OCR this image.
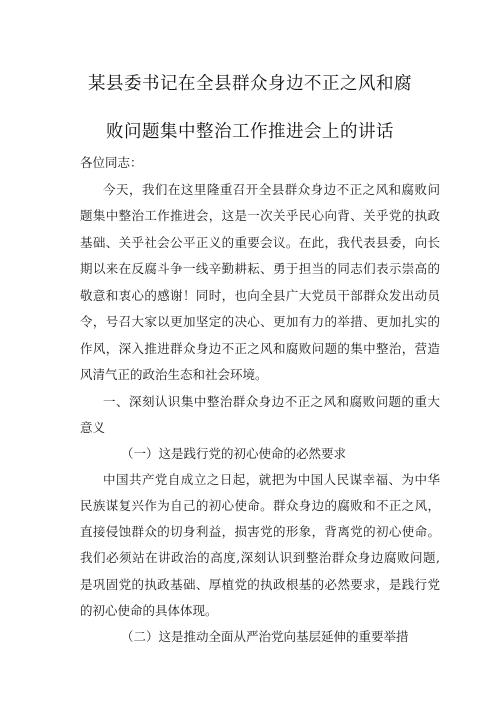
某县委书记在全县群众身边不正之风和腐
败问题集中整治工作推进会上的讲话

各位同志：

今天，我们在这里隆重召开全县群众身边不正之风和腐败问

题集中整治工作推进会，这是一次关乎民心向背、关乎党的执政

基础、关乎社会公平正义的重要会议。在此，我代表县委，向长

期以来在反腐斗争一线辛勤耕耘、勇于担当的同志们表示崇高的

敬意和衷心的感谢！同时，也向全县广大党员干部群众发出动员

令，号召大家以更加坚定的决心、更加有力的举措、更加扎实的

作风，深入推进群众身边不正之风和腐败问题的集中整治，营造

风清气正的政治生态和社会环境。

一、深刻认识集中整治群众身边不正之风和腐败问题的重大

意义

（一）这是践行党的初心使命的必然要求

中国共产党自成立之日起，就把为中国人民谋幸福、为中华

民族谋复兴作为自己的初心使命。群众身边的腐败和不正之风，

直接侵蚀群众的切身利益，损害党的形象，背离党的初心使命。

我们必须站在讲政治的高度,深刻认识到整治群众身边腐败问题,

是巩固党的执政基础、厚植党的执政根基的必然要求，是践行党

的初心使命的具体体现。

（二）这是推动全面从严治党向基层延伸的重要举措
